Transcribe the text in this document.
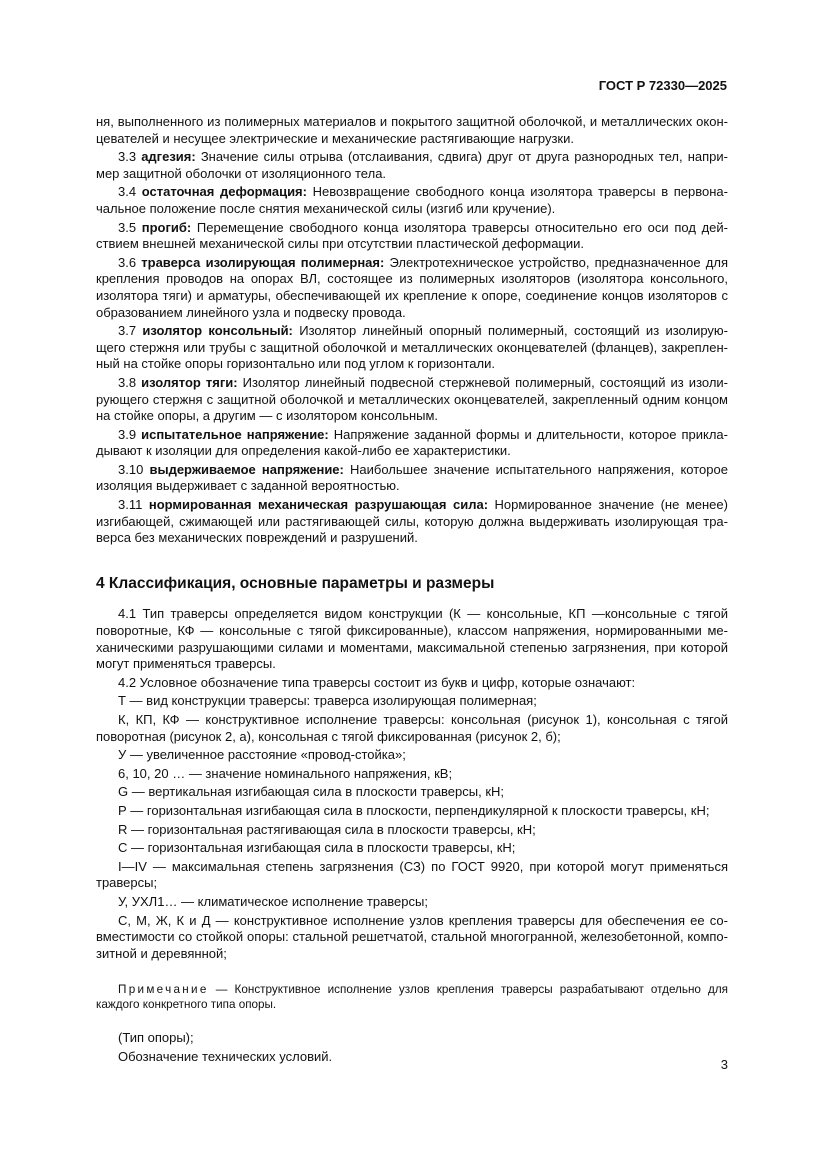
ГОСТ Р 72330—2025

ня, выполненного из полимерных материалов и покрытого защитной оболочкой, и металлических окон-цевателей и несущее электрические и механические растягивающие нагрузки.

3.3 адгезия: Значение силы отрыва (отслаивания, сдвига) друг от друга разнородных тел, напри-мер защитной оболочки от изоляционного тела.

3.4 остаточная деформация: Невозвращение свободного конца изолятора траверсы в первона-чальное положение после снятия механической силы (изгиб или кручение).

3.5 прогиб: Перемещение свободного конца изолятора траверсы относительно его оси под дей-ствием внешней механической силы при отсутствии пластической деформации.

3.6 траверса изолирующая полимерная: Электротехническое устройство, предназначенное для крепления проводов на опорах ВЛ, состоящее из полимерных изоляторов (изолятора консольного, изолятора тяги) и арматуры, обеспечивающей их крепление к опоре, соединение концов изоляторов с образованием линейного узла и подвеску провода.

3.7 изолятор консольный: Изолятор линейный опорный полимерный, состоящий из изолирую-щего стержня или трубы с защитной оболочкой и металлических оконцевателей (фланцев), закреплен-ный на стойке опоры горизонтально или под углом к горизонтали.

3.8 изолятор тяги: Изолятор линейный подвесной стержневой полимерный, состоящий из изоли-рующего стержня с защитной оболочкой и металлических оконцевателей, закрепленный одним концом на стойке опоры, а другим — с изолятором консольным.

3.9 испытательное напряжение: Напряжение заданной формы и длительности, которое прикла-дывают к изоляции для определения какой-либо ее характеристики.

3.10 выдерживаемое напряжение: Наибольшее значение испытательного напряжения, которое изоляция выдерживает с заданной вероятностью.

3.11 нормированная механическая разрушающая сила: Нормированное значение (не менее) изгибающей, сжимающей или растягивающей силы, которую должна выдерживать изолирующая тра-верса без механических повреждений и разрушений.

4 Классификация, основные параметры и размеры

4.1 Тип траверсы определяется видом конструкции (К — консольные, КП —консольные с тягой поворотные, КФ — консольные с тягой фиксированные), классом напряжения, нормированными ме-ханическими разрушающими силами и моментами, максимальной степенью загрязнения, при которой могут применяться траверсы.

4.2 Условное обозначение типа траверсы состоит из букв и цифр, которые означают:

Т — вид конструкции траверсы: траверса изолирующая полимерная;

К, КП, КФ — конструктивное исполнение траверсы: консольная (рисунок 1), консольная с тягой поворотная (рисунок 2, а), консольная с тягой фиксированная (рисунок 2, б);

У — увеличенное расстояние «провод-стойка»;

6, 10, 20 … — значение номинального напряжения, кВ;

G — вертикальная изгибающая сила в плоскости траверсы, кН;

Р — горизонтальная изгибающая сила в плоскости, перпендикулярной к плоскости траверсы, кН;

R — горизонтальная растягивающая сила в плоскости траверсы, кН;

С — горизонтальная изгибающая сила в плоскости траверсы, кН;

I—IV — максимальная степень загрязнения (СЗ) по ГОСТ 9920, при которой могут применяться траверсы;

У, УХЛ1… — климатическое исполнение траверсы;

С, М, Ж, К и Д — конструктивное исполнение узлов крепления траверсы для обеспечения ее со-вместимости со стойкой опоры: стальной решетчатой, стальной многогранной, железобетонной, компо-зитной и деревянной;

Примечание — Конструктивное исполнение узлов крепления траверсы разрабатывают отдельно для каждого конкретного типа опоры.

(Тип опоры);

Обозначение технических условий.

3
